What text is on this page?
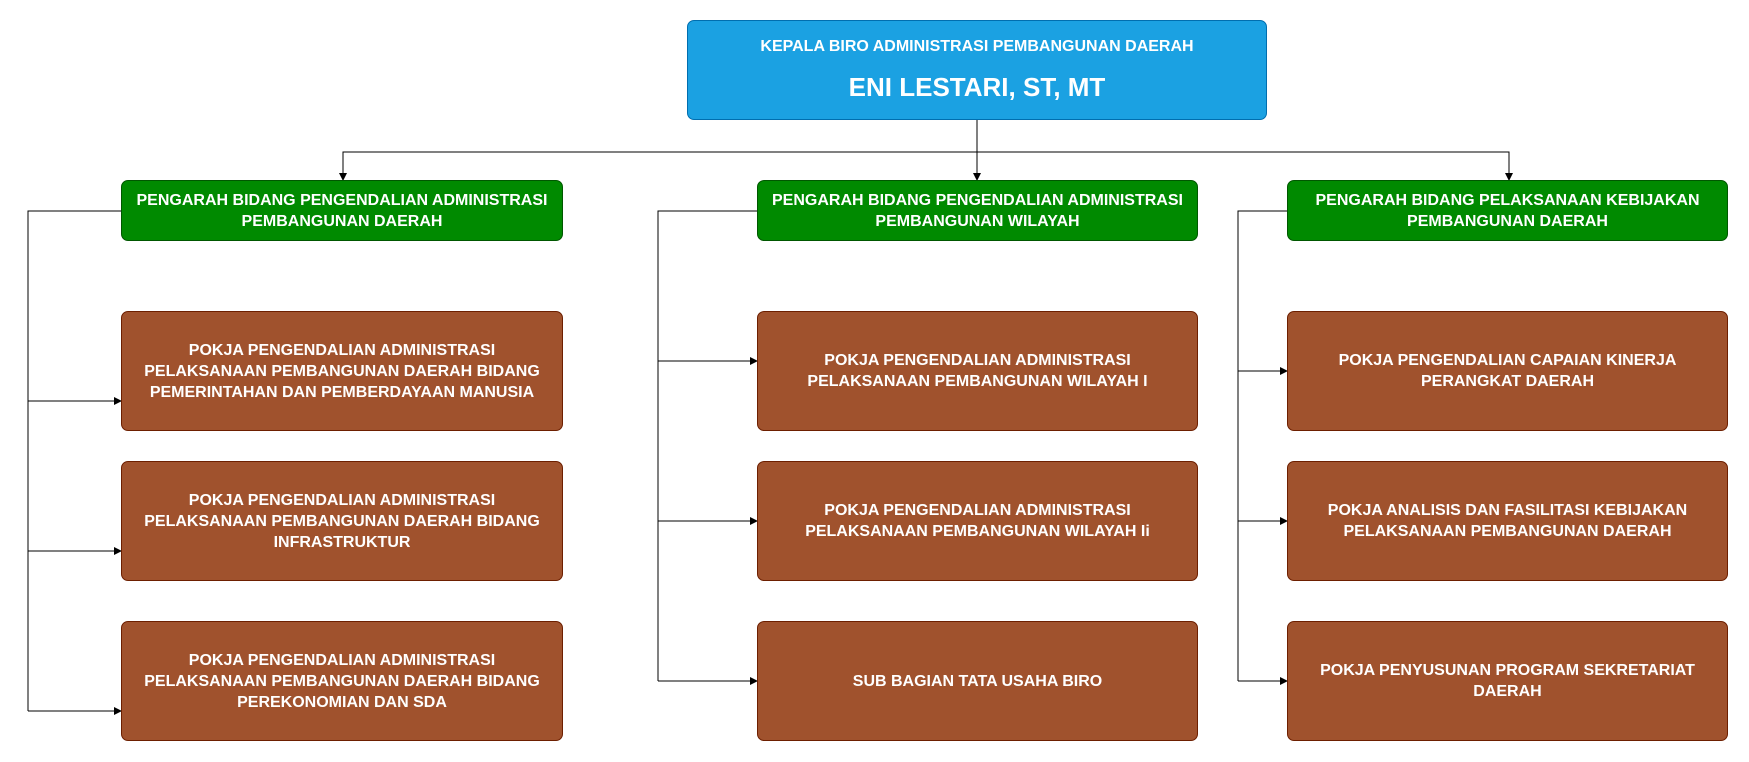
KEPALA BIRO ADMINISTRASI PEMBANGUNAN DAERAH
ENI LESTARI, ST, MT
PENGARAH BIDANG PENGENDALIAN ADMINISTRASI PEMBANGUNAN DAERAH
PENGARAH BIDANG PENGENDALIAN ADMINISTRASI PEMBANGUNAN WILAYAH
PENGARAH BIDANG PELAKSANAAN KEBIJAKAN PEMBANGUNAN DAERAH
POKJA PENGENDALIAN ADMINISTRASI PELAKSANAAN PEMBANGUNAN DAERAH BIDANG PEMERINTAHAN DAN PEMBERDAYAAN MANUSIA
POKJA PENGENDALIAN ADMINISTRASI PELAKSANAAN PEMBANGUNAN DAERAH BIDANG INFRASTRUKTUR
POKJA PENGENDALIAN ADMINISTRASI PELAKSANAAN PEMBANGUNAN DAERAH BIDANG PEREKONOMIAN DAN SDA
POKJA PENGENDALIAN ADMINISTRASI PELAKSANAAN PEMBANGUNAN WILAYAH I
POKJA PENGENDALIAN ADMINISTRASI PELAKSANAAN PEMBANGUNAN WILAYAH Ii
SUB BAGIAN TATA USAHA BIRO
POKJA PENGENDALIAN CAPAIAN KINERJA PERANGKAT DAERAH
POKJA ANALISIS DAN FASILITASI KEBIJAKAN PELAKSANAAN PEMBANGUNAN DAERAH
POKJA PENYUSUNAN PROGRAM SEKRETARIAT DAERAH
